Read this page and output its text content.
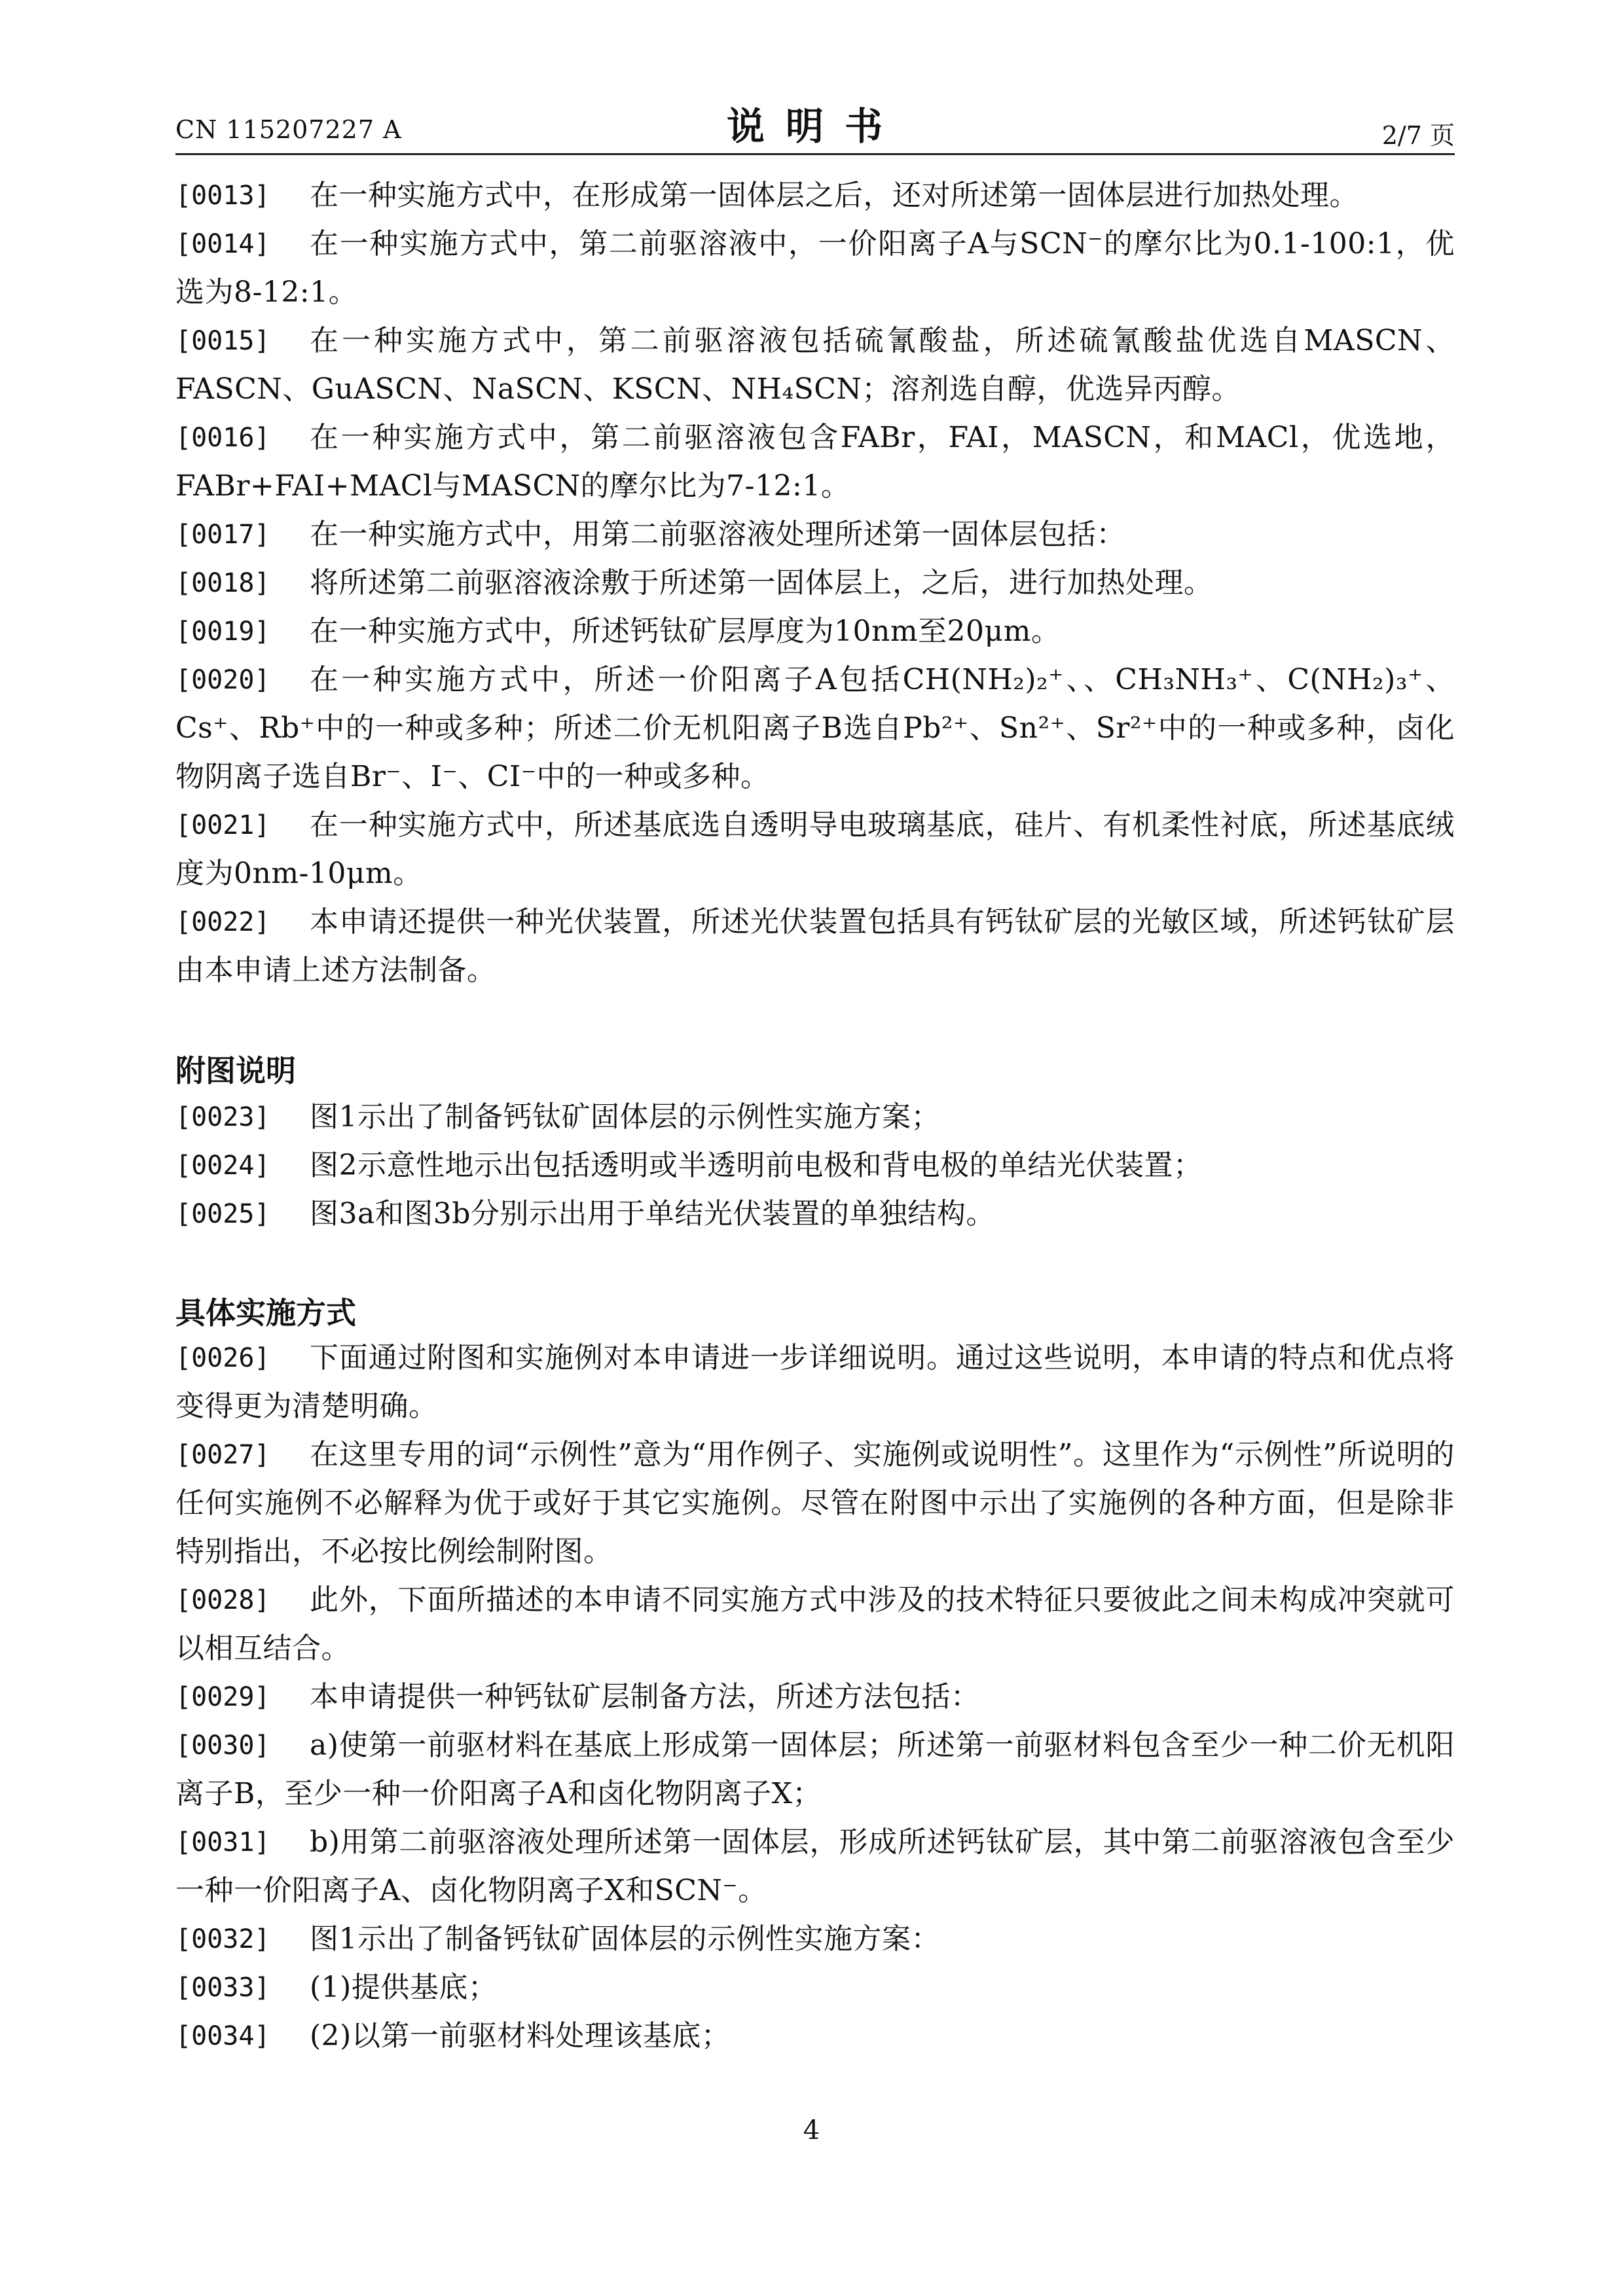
CN 115207227 A	说明书	2/7 页
[0013]	在一种实施方式中，在形成第一固体层之后，还对所述第一固体层进行加热处理。
[0014]	在一种实施方式中，第二前驱溶液中，一价阳离子A与SCN⁻的摩尔比为0.1-100:1，优选为8-12:1。
[0015]	在一种实施方式中，第二前驱溶液包括硫氰酸盐，所述硫氰酸盐优选自MASCN、FASCN、GuASCN、NaSCN、KSCN、NH₄SCN；溶剂选自醇，优选异丙醇。
[0016]	在一种实施方式中，第二前驱溶液包含FABr，FAI，MASCN，和MACl，优选地，FABr+FAI+MACl与MASCN的摩尔比为7-12:1。
[0017]	在一种实施方式中，用第二前驱溶液处理所述第一固体层包括：
[0018]	将所述第二前驱溶液涂敷于所述第一固体层上，之后，进行加热处理。
[0019]	在一种实施方式中，所述钙钛矿层厚度为10nm至20μm。
[0020]	在一种实施方式中，所述一价阳离子A包括CH(NH₂)₂⁺、、CH₃NH₃⁺、C(NH₂)₃⁺、Cs⁺、Rb⁺中的一种或多种；所述二价无机阳离子B选自Pb²⁺、Sn²⁺、Sr²⁺中的一种或多种，卤化物阴离子选自Br⁻、I⁻、CI⁻中的一种或多种。
[0021]	在一种实施方式中，所述基底选自透明导电玻璃基底，硅片、有机柔性衬底，所述基底绒度为0nm-10μm。
[0022]	本申请还提供一种光伏装置，所述光伏装置包括具有钙钛矿层的光敏区域，所述钙钛矿层由本申请上述方法制备。
附图说明
[0023]	图1示出了制备钙钛矿固体层的示例性实施方案；
[0024]	图2示意性地示出包括透明或半透明前电极和背电极的单结光伏装置；
[0025]	图3a和图3b分别示出用于单结光伏装置的单独结构。
具体实施方式
[0026]	下面通过附图和实施例对本申请进一步详细说明。通过这些说明，本申请的特点和优点将变得更为清楚明确。
[0027]	在这里专用的词“示例性”意为“用作例子、实施例或说明性”。这里作为“示例性”所说明的任何实施例不必解释为优于或好于其它实施例。尽管在附图中示出了实施例的各种方面，但是除非特别指出，不必按比例绘制附图。
[0028]	此外，下面所描述的本申请不同实施方式中涉及的技术特征只要彼此之间未构成冲突就可以相互结合。
[0029]	本申请提供一种钙钛矿层制备方法，所述方法包括：
[0030]	a)使第一前驱材料在基底上形成第一固体层；所述第一前驱材料包含至少一种二价无机阳离子B，至少一种一价阳离子A和卤化物阴离子X；
[0031]	b)用第二前驱溶液处理所述第一固体层，形成所述钙钛矿层，其中第二前驱溶液包含至少一种一价阳离子A、卤化物阴离子X和SCN⁻。
[0032]	图1示出了制备钙钛矿固体层的示例性实施方案：
[0033]	(1)提供基底；
[0034]	(2)以第一前驱材料处理该基底；
4
